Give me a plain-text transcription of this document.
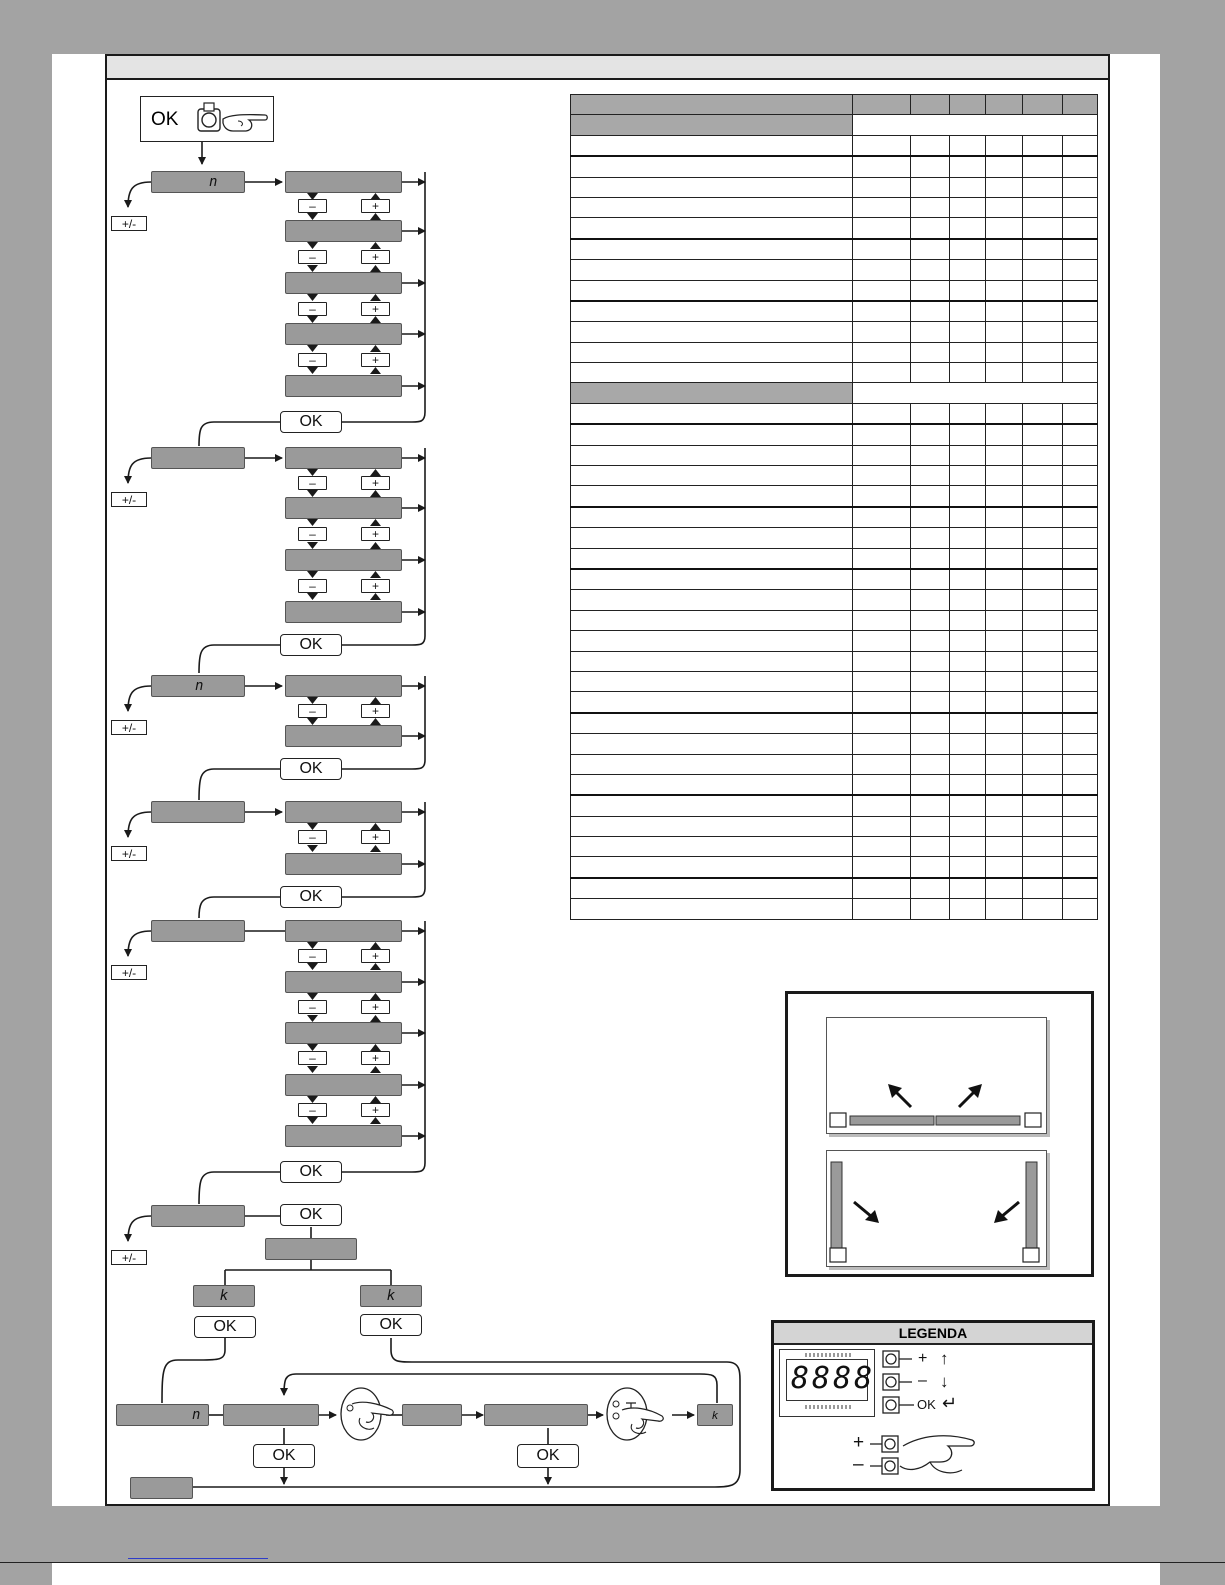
OK
n
+/-
–	+
–	+
–	+
–	+
OK
+/-
–	+
–	+
–	+
OK
n
+/-
–	+
OK
+/-
–	+
OK
+/-
–	+
–	+
–	+
–	+
OK
+/-
OK
k	k
OK	OK
n	k
OK	OK

LEGENDA
8888
+ ↑
– ↓
OK ↵
+
–
